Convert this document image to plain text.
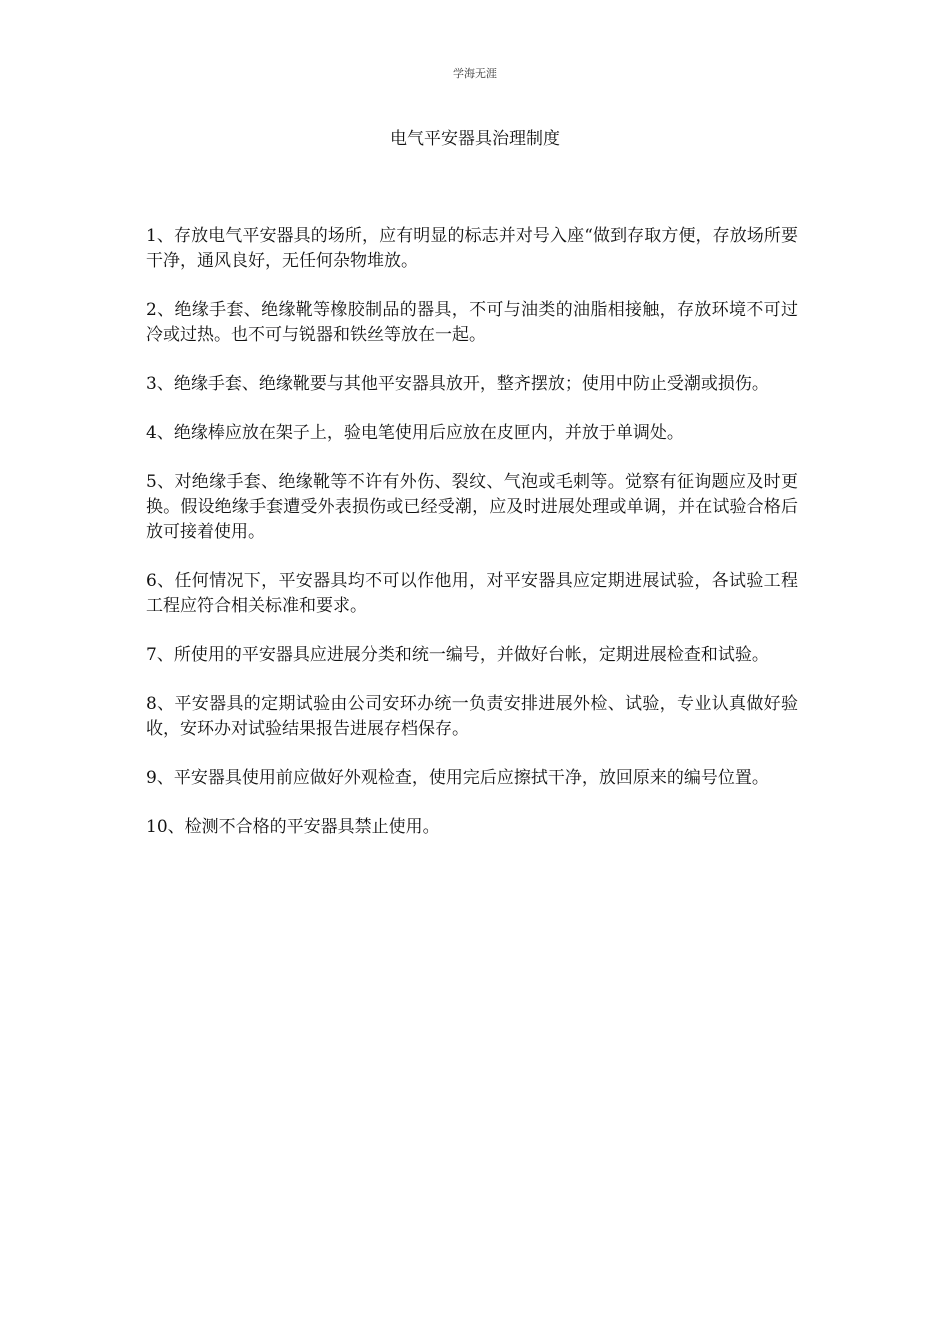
学海无涯
电气平安器具治理制度

1、存放电气平安器具的场所，应有明显的标志并对号入座“做到存取方便，存放场所要干净，通风良好，无任何杂物堆放。

2、绝缘手套、绝缘靴等橡胶制品的器具，不可与油类的油脂相接触，存放环境不可过冷或过热。也不可与锐器和铁丝等放在一起。

3、绝缘手套、绝缘靴要与其他平安器具放开，整齐摆放；使用中防止受潮或损伤。

4、绝缘棒应放在架子上，验电笔使用后应放在皮匣内，并放于单调处。

5、对绝缘手套、绝缘靴等不许有外伤、裂纹、气泡或毛刺等。觉察有征询题应及时更换。假设绝缘手套遭受外表损伤或已经受潮，应及时进展处理或单调，并在试验合格后放可接着使用。

6、任何情况下，平安器具均不可以作他用，对平安器具应定期进展试验，各试验工程工程应符合相关标准和要求。

7、所使用的平安器具应进展分类和统一编号，并做好台帐，定期进展检查和试验。

8、平安器具的定期试验由公司安环办统一负责安排进展外检、试验，专业认真做好验收，安环办对试验结果报告进展存档保存。

9、平安器具使用前应做好外观检查，使用完后应擦拭干净，放回原来的编号位置。

10、检测不合格的平安器具禁止使用。
